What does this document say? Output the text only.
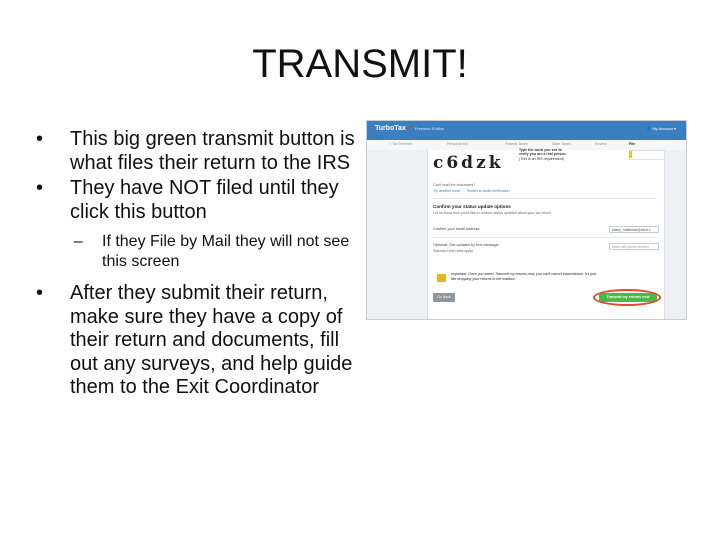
TRANSMIT!
• This big green transmit button is what files their return to the IRS
• They have NOT filed until they click this button
– If they File by Mail they will not see this screen
• After they submit their return, make sure they have a copy of their return and documents, fill out any surveys, and help guide them to the Exit Coordinator
TurboTax✓ Freedom Edition	👤 My Account ▾
< Tax Timeline	Personal Info	Federal Taxes	State Taxes	Review	File
c6dzk
Type the word you see to verify you are a real person (This is an IRS requirement)
Can't read the characters?
Try another word Switch to audio verification
Confirm your status update options
Let us know how you'd like to receive status updates about your tax return
Confirm your email address	kasey_matthews@intuit.c
Optional: Get updates by text message
Standard text rates apply
Enter cell phone number
Important: Once you select Transmit my returns now, you can't cancel transmission. It's just like dropping your returns in the mailbox.
Go Back	Transmit my returns now
